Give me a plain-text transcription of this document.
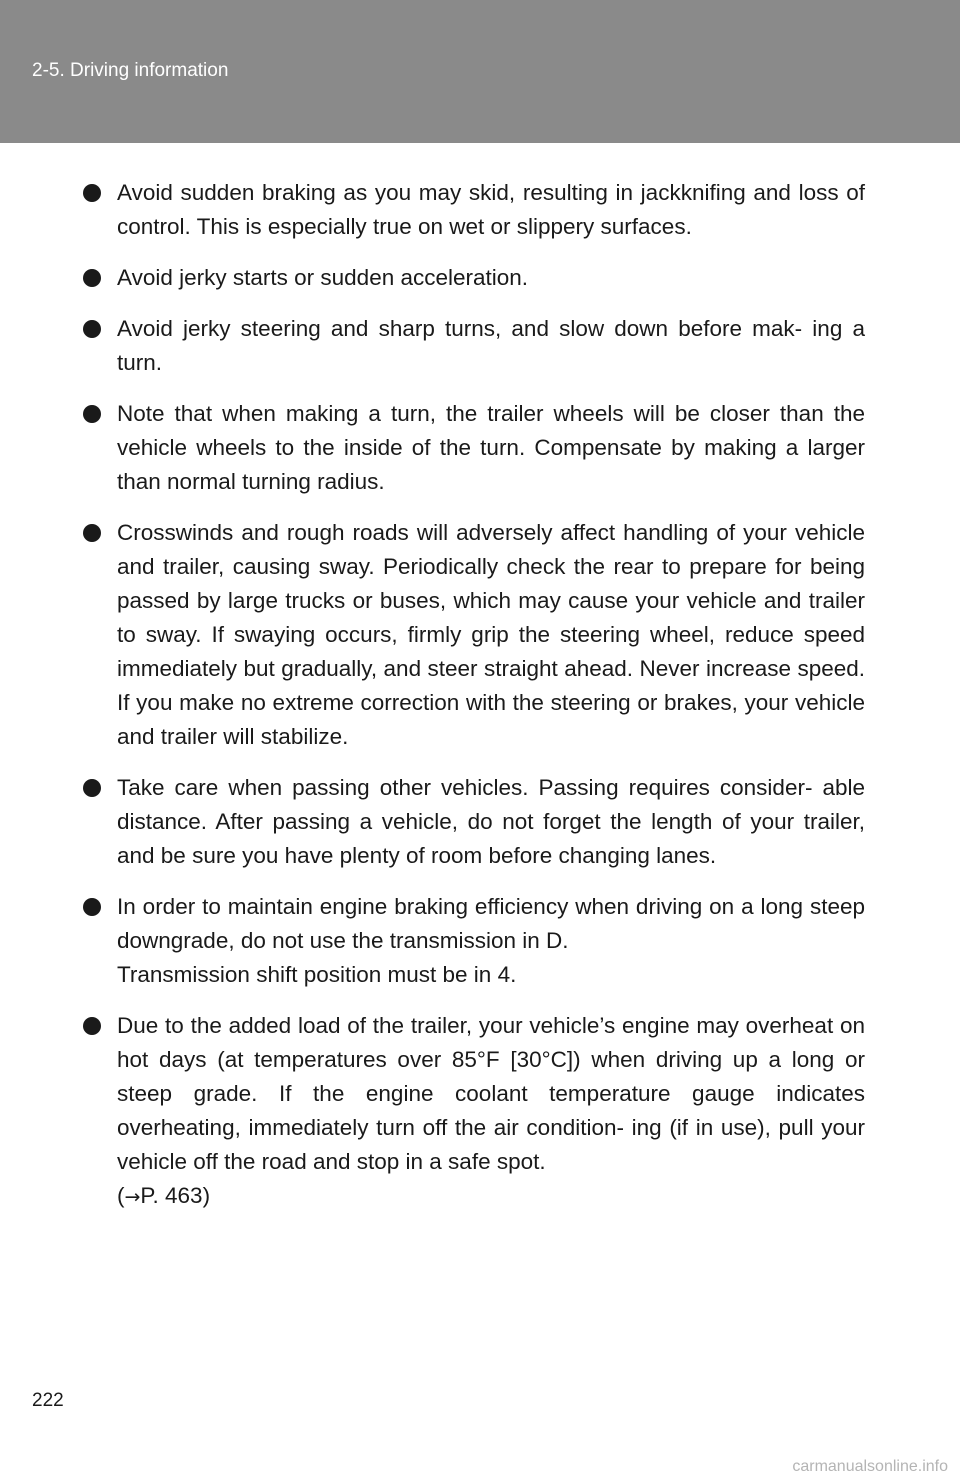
2-5. Driving information
Avoid sudden braking as you may skid, resulting in jackknifing and loss of control. This is especially true on wet or slippery surfaces.
Avoid jerky starts or sudden acceleration.
Avoid jerky steering and sharp turns, and slow down before mak- ing a turn.
Note that when making a turn, the trailer wheels will be closer than the vehicle wheels to the inside of the turn. Compensate by making a larger than normal turning radius.
Crosswinds and rough roads will adversely affect handling of your vehicle and trailer, causing sway. Periodically check the rear to prepare for being passed by large trucks or buses, which may cause your vehicle and trailer to sway. If swaying occurs, firmly grip the steering wheel, reduce speed immediately but gradually, and steer straight ahead. Never increase speed. If you make no extreme correction with the steering or brakes, your vehicle and trailer will stabilize.
Take care when passing other vehicles. Passing requires consider- able distance. After passing a vehicle, do not forget the length of your trailer, and be sure you have plenty of room before changing lanes.
In order to maintain engine braking efficiency when driving on a long steep downgrade, do not use the transmission in D.
Transmission shift position must be in 4.
Due to the added load of the trailer, your vehicle’s engine may overheat on hot days (at temperatures over 85°F [30°C]) when driving up a long or steep grade. If the engine coolant temperature gauge indicates overheating, immediately turn off the air condition- ing (if in use), pull your vehicle off the road and stop in a safe spot.
(→P. 463)
222
carmanualsonline.info
